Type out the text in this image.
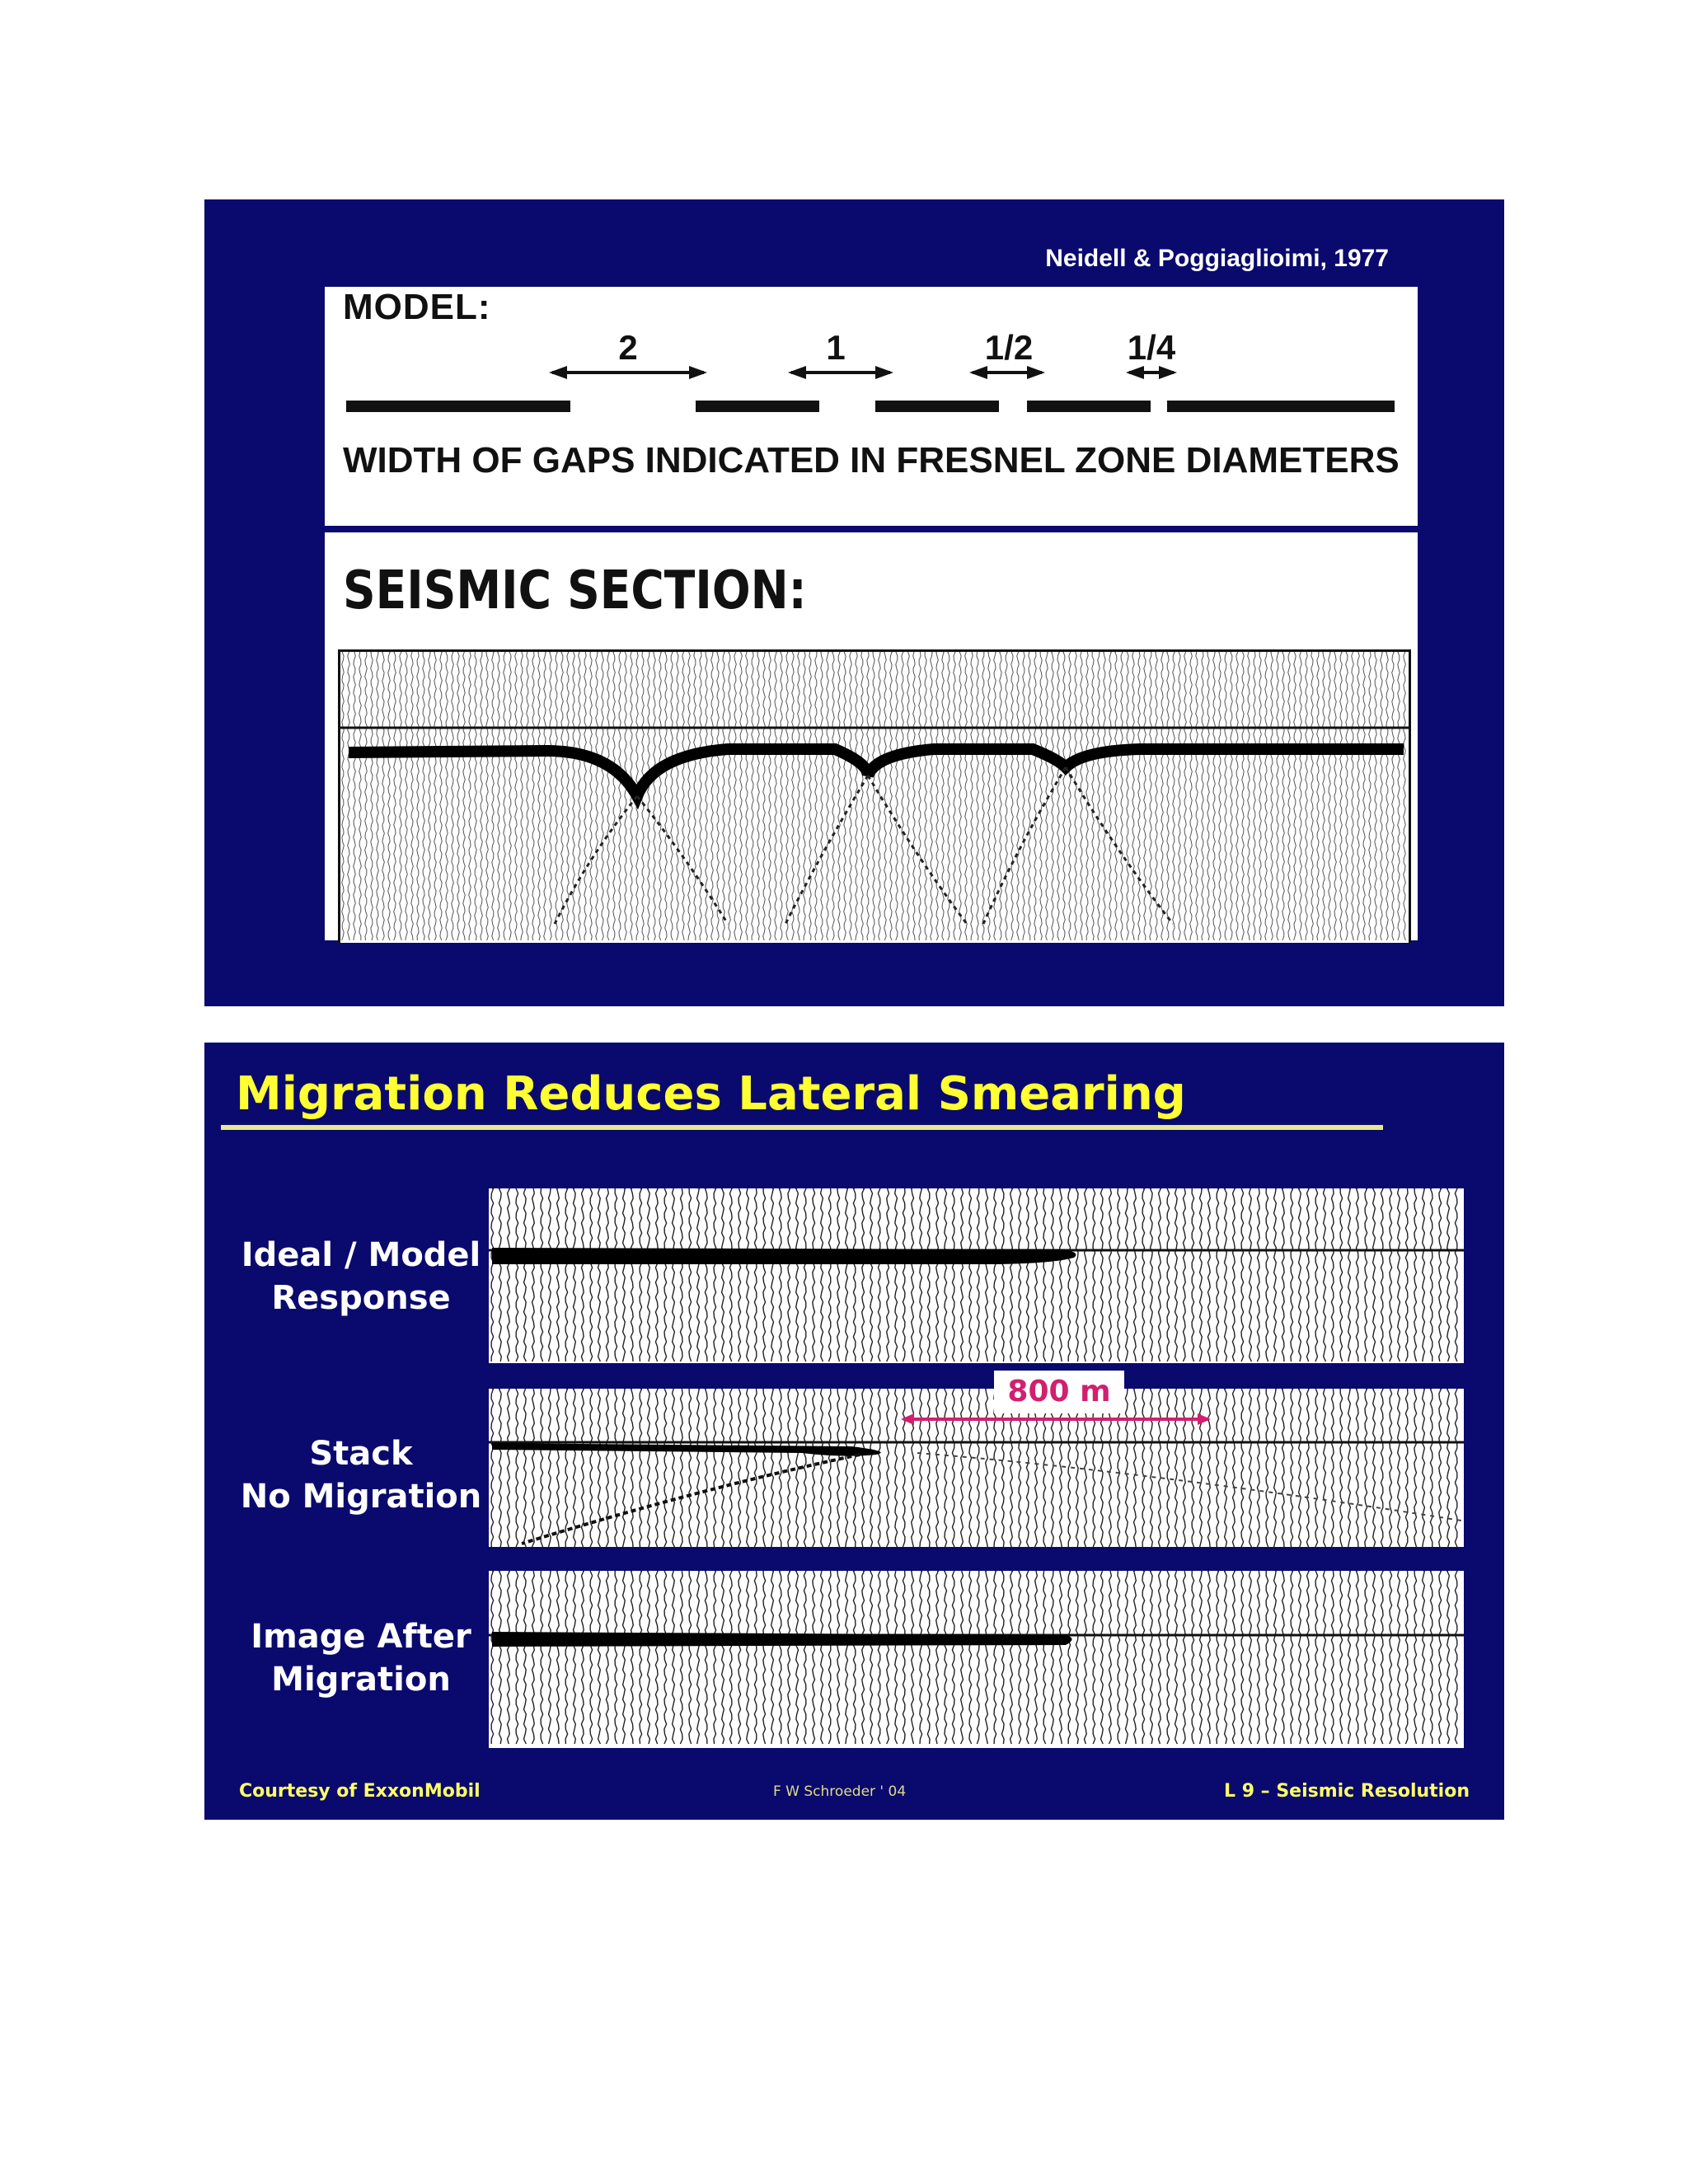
Neidell & Poggiaglioimi, 1977
MODEL:
2	1	1/2	1/4
WIDTH OF GAPS INDICATED IN FRESNEL ZONE DIAMETERS
SEISMIC SECTION:
Migration Reduces Lateral Smearing
Ideal / Model
Response
Stack
No Migration
800 m
Image After
Migration
Courtesy of ExxonMobil	F W Schroeder ' 04	L 9 – Seismic Resolution
